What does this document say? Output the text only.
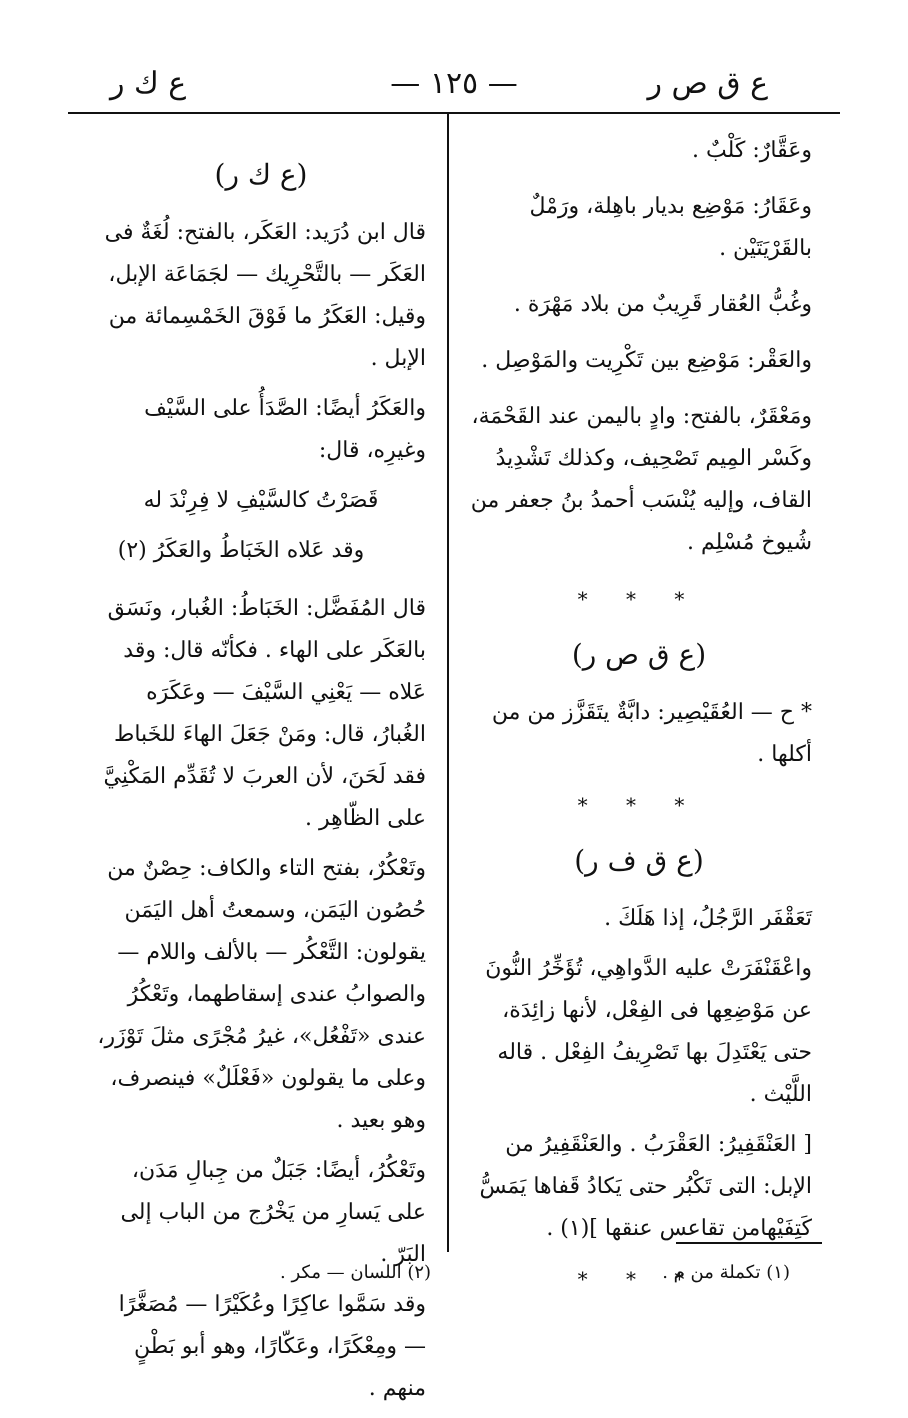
ع ق ص ر
— ١٢٥ —
ع ك ر

وعَقَّارٌ: كَلْبٌ .

وعَقَارُ: مَوْضِع بديار باهِلة، ورَمْلٌ بالقَرْيَتَيْن .

وغُبُّ العُقار قَرِيبٌ من بلاد مَهْرَة .

والعَقْر: مَوْضِع بين تَكْرِيت والمَوْصِل .

ومَعْقَرٌ، بالفتح: وادٍ باليمن عند القَحْمَة، وكَسْر المِيم تَصْحِيف، وكذلك تَشْدِيدُ القاف، وإليه يُنْسَب أحمدُ بنُ جعفر من شُيوخ مُسْلِم .

* * *
(ع ق ص ر)

* ح — العُقَيْصِير: دابَّةٌ يتَقَزَّز من من أكلها .

* * *
(ع ق ف ر)

تَعَقْفَر الرَّجُلُ، إذا هَلَكَ .

واعْقَنْفَرَتْ عليه الدَّواهِي، تُؤَخِّرُ النُّونَ عن مَوْضِعِها فى الفِعْل، لأنها زائِدَة، حتى يَعْتَدِلَ بها تَصْرِيفُ الفِعْل . قاله اللَّيْث .

[ العَنْقَفِيرُ: العَقْرَبُ . والعَنْقَفِيرُ من الإبل: التى تَكْبُر حتى يَكادُ قَفاها يَمَسُّ كَتِفَيْهامن تقاعس عنقها ](١) .

* * *
(ع ك ر)

قال ابن دُرَيد: العَكَر، بالفتح: لُغَةٌ فى العَكَر — بالتَّحْرِيك — لجَمَاعَة الإبل، وقيل: العَكَرُ ما فَوْقَ الخَمْسِمائة من الإبل .

والعَكَرُ أيضًا: الصَّدَأُ على السَّيْف وغيرِه، قال:

قَصَرْتُ كالسَّيْفِ لا فِرِنْدَ له
وقد عَلاه الخَبَاطُ والعَكَرُ (٢)

قال المُفَضَّل: الخَبَاطُ: الغُبار، ونَسَق بالعَكَر على الهاء . فكأنّه قال: وقد عَلاه — يَعْنِي السَّيْفَ — وعَكَرَه الغُبارُ، قال: ومَنْ جَعَلَ الهاءَ للخَباط فقد لَحَنَ، لأن العربَ لا تُقَدِّم المَكْنِيَّ على الظّاهِر .

وتَعْكُرٌ، بفتح التاء والكاف: حِصْنٌ من حُصُون اليَمَن، وسمعتُ أهل اليَمَن يقولون: التَّعْكُر — بالألف واللام — والصوابُ عندى إسقاطهما، وتَعْكُرُ عندى «تَفْعُل»، غيرُ مُجْرًى مثلَ تَوْزَر، وعلى ما يقولون «فَعْلَلٌ» فينصرف، وهو بعيد .

وتَعْكُرُ، أيضًا: جَبَلٌ من جِبالِ مَدَن، على يَسارِ من يَخْرُج من الباب إلى البَرّ .

وقد سَمَّوا عاكِرًا وعُكَيْرًا — مُصَغَّرًا — ومِعْكَرًا، وعَكّارًا، وهو أبو بَطْنٍ منهم .

(١) تكملة من م .
(٢) اللسان — مكر .
